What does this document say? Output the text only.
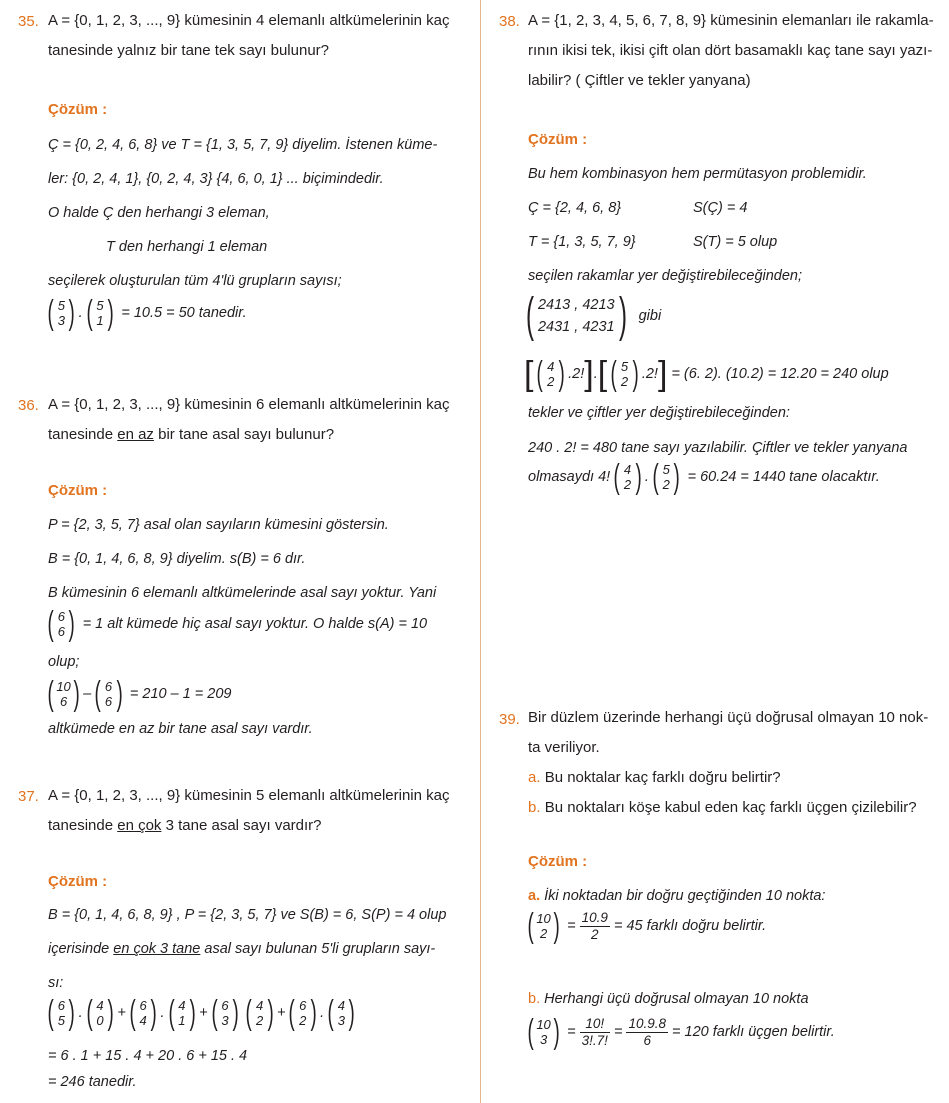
35. A = {0, 1, 2, 3, ..., 9} kümesinin 4 elemanlı altkümelerinin kaç
tanesinde yalnız bir tane tek sayı bulunur?
Çözüm :
Ç = {0, 2, 4, 6, 8} ve T = {1, 3, 5, 7, 9} diyelim. İstenen küme-
ler: {0, 2, 4, 1}, {0, 2, 4, 3} {4, 6, 0, 1} ... biçimindedir.
O halde Ç den herhangi 3 eleman,
T den herhangi 1 eleman
seçilerek oluşturulan tüm 4'lü grupların sayısı;
( 5
3 ) . ( 5
1 ) = 10.5 = 50 tanedir.
36. A = {0, 1, 2, 3, ..., 9} kümesinin 6 elemanlı altkümelerinin kaç
tanesinde en az bir tane asal sayı bulunur?
Çözüm :
P = {2, 3, 5, 7} asal olan sayıların kümesini göstersin.
B = {0, 1, 4, 6, 8, 9} diyelim. s(B) = 6 dır.
B kümesinin 6 elemanlı altkümelerinde asal sayı yoktur. Yani
( 6
6 ) = 1 alt kümede hiç asal sayı yoktur. O halde s(A) = 10
olup;
( 10
6 ) – ( 6
6 ) = 210 – 1 = 209
altkümede en az bir tane asal sayı vardır.
37. A = {0, 1, 2, 3, ..., 9} kümesinin 5 elemanlı altkümelerinin kaç
tanesinde en çok 3 tane asal sayı vardır?
Çözüm :
B = {0, 1, 4, 6, 8, 9} , P = {2, 3, 5, 7} ve S(B) = 6, S(P) = 4 olup
içerisinde en çok 3 tane asal sayı bulunan 5'li grupların sayı-
sı:
( 6
5 ) . ( 4
0 ) + ( 6
4 ) . ( 4
1 ) + ( 6
3 ) ( 4
2 ) + ( 6
2 ) . ( 4
3 )
= 6 . 1 + 15 . 4 + 20 . 6 + 15 . 4
= 246 tanedir.
38. A = {1, 2, 3, 4, 5, 6, 7, 8, 9} kümesinin elemanları ile rakamla-
rının ikisi tek, ikisi çift olan dört basamaklı kaç tane sayı yazı-
labilir? ( Çiftler ve tekler yanyana)
Çözüm :
Bu hem kombinasyon hem permütasyon problemidir.
Ç = {2, 4, 6, 8}	S(Ç) = 4
T = {1, 3, 5, 7, 9}	S(T) = 5 olup
seçilen rakamlar yer değiştirebileceğinden;
( 2413 , 4213
2431 , 4231 ) gibi
[ ( 4
2 ) .2!].[ ( 5
2 ) .2!] = (6. 2). (10.2) = 12.20 = 240 olup
tekler ve çiftler yer değiştirebileceğinden:
240 . 2! = 480 tane sayı yazılabilir. Çiftler ve tekler yanyana
olmasaydı 4! ( 4
2 ) . ( 5
2 ) = 60.24 = 1440 tane olacaktır.
39. Bir düzlem üzerinde herhangi üçü doğrusal olmayan 10 nok-
ta veriliyor.
a. Bu noktalar kaç farklı doğru belirtir?
b. Bu noktaları köşe kabul eden kaç farklı üçgen çizilebilir?
Çözüm :
a. İki noktadan bir doğru geçtiğinden 10 nokta:
( 10
2 ) = $\frac{10.9}{2} = 45$ farklı doğru belirtir.
b. Herhangi üçü doğrusal olmayan 10 nokta
( 10
3 ) = $\frac{10!}{3!.7!} = \frac{10.9.8}{6} = 120$ farklı üçgen belirtir.
